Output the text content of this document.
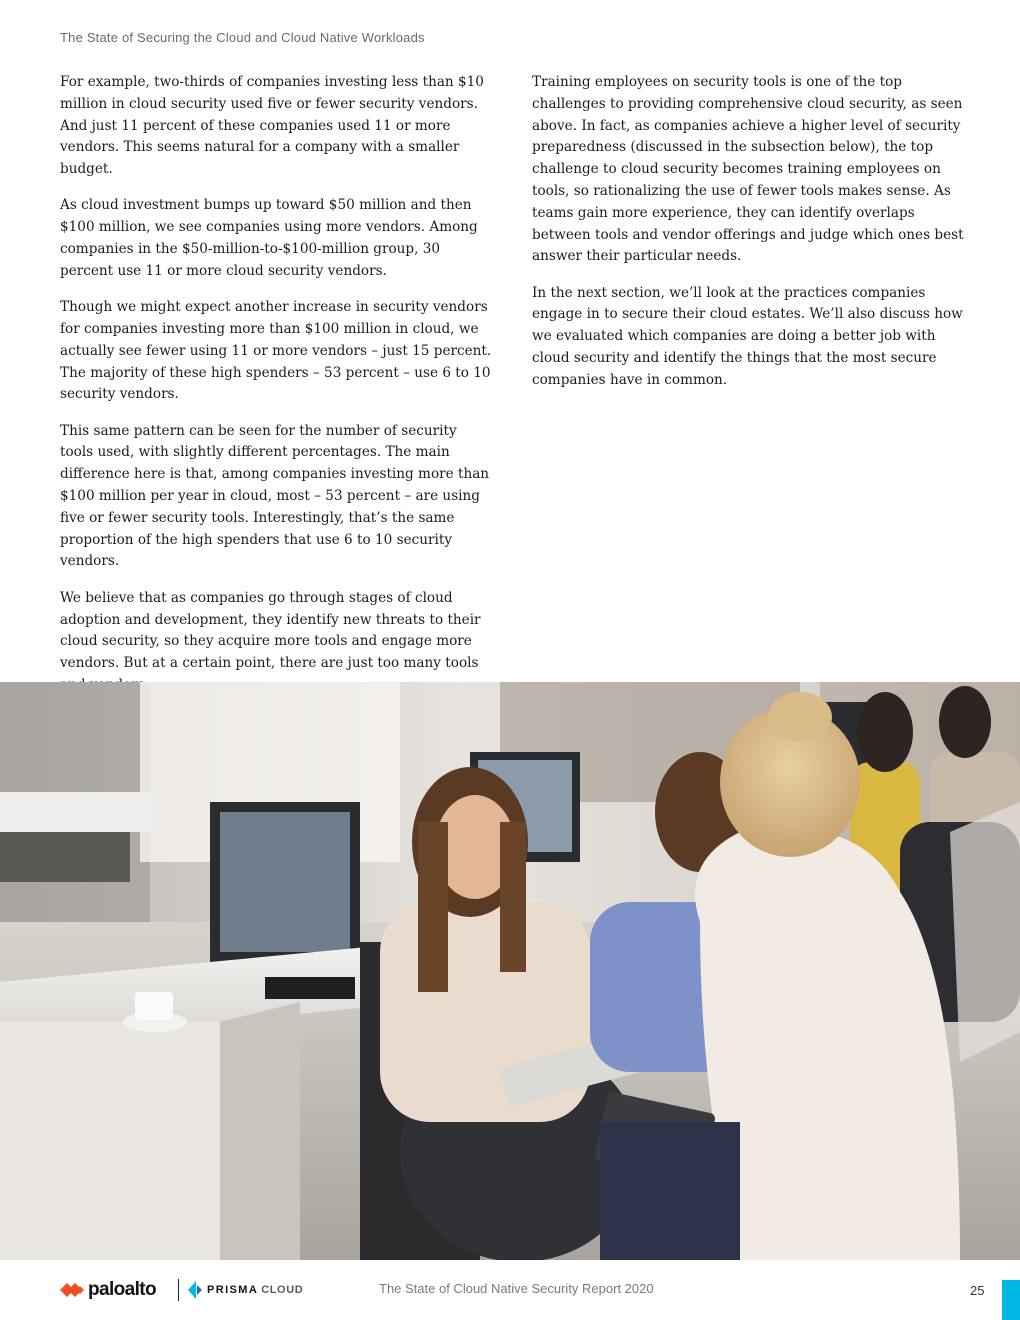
The State of Securing the Cloud and Cloud Native Workloads

For example, two-thirds of companies investing less than $10 million in cloud security used five or fewer security vendors. And just 11 percent of these companies used 11 or more vendors. This seems natural for a company with a smaller budget.

As cloud investment bumps up toward $50 million and then $100 million, we see companies using more vendors. Among companies in the $50-million-to-$100-million group, 30 percent use 11 or more cloud security vendors.

Though we might expect another increase in security vendors for companies investing more than $100 million in cloud, we actually see fewer using 11 or more vendors – just 15 percent. The majority of these high spenders – 53 percent – use 6 to 10 security vendors.

This same pattern can be seen for the number of security tools used, with slightly different percentages. The main difference here is that, among companies investing more than $100 million per year in cloud, most – 53 percent – are using five or fewer security tools. Interestingly, that’s the same proportion of the high spenders that use 6 to 10 security vendors.

We believe that as companies go through stages of cloud adoption and development, they identify new threats to their cloud security, so they acquire more tools and engage more vendors. But at a certain point, there are just too many tools

Training employees on security tools is one of the top challenges to providing comprehensive cloud security, as seen above. In fact, as companies achieve a higher level of security preparedness (discussed in the subsection below), the top challenge to cloud security becomes training employees on tools, so rationalizing the use of fewer tools makes sense. As teams gain more experience, they can identify overlaps between tools and vendor offerings and judge which ones best answer their particular needs.

In the next section, we’ll look at the practices companies engage in to secure their cloud estates. We’ll also discuss how we evaluated which companies are doing a better job with cloud security and identify the things that the most secure companies have in common.

paloalto	PRISMA CLOUD	The State of Cloud Native Security Report 2020	25
